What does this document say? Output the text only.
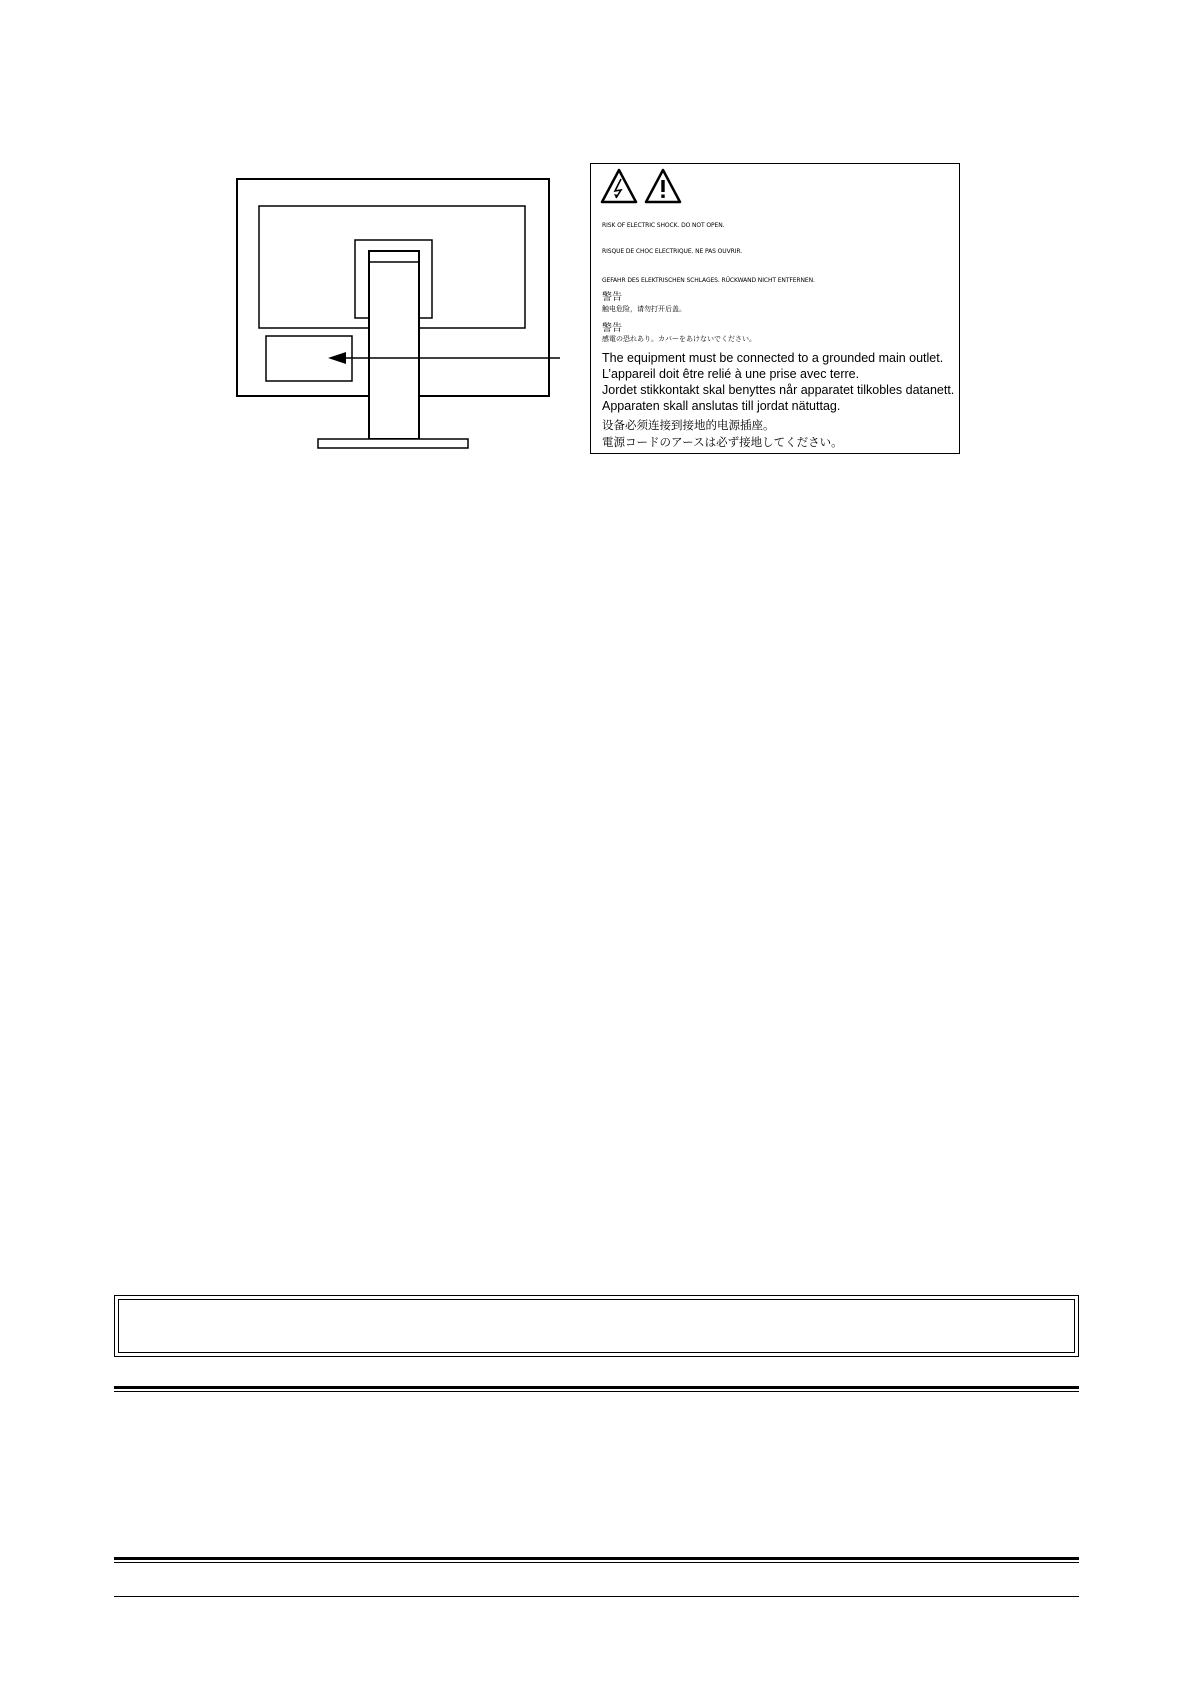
RISK OF ELECTRIC SHOCK. DO NOT OPEN.
RISQUE DE CHOC ELECTRIQUE. NE PAS OUVRIR.
GEFAHR DES ELEKTRISCHEN SCHLAGES. RÜCKWAND NICHT ENTFERNEN.
警告
触电危险，请勿打开后盖。
警告
感電の恐れあり。カバーをあけないでください。
The equipment must be connected to a grounded main outlet.
L’appareil doit être relié à une prise avec terre.
Jordet stikkontakt skal benyttes når apparatet tilkobles datanett.
Apparaten skall anslutas till jordat nätuttag.
设备必须连接到接地的电源插座。
電源コードのアースは必ず接地してください。
